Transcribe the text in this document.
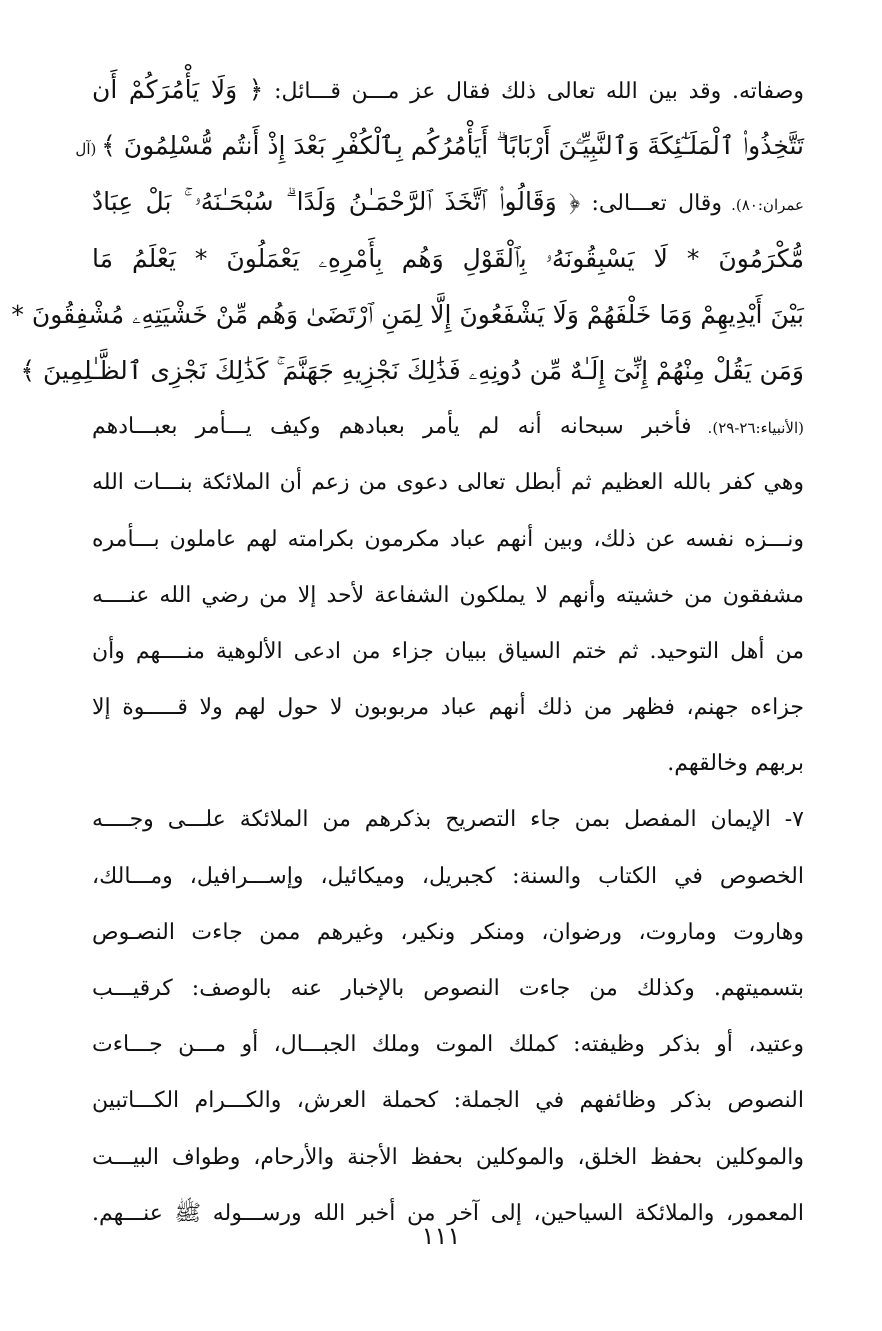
وصفاته. وقد بين الله تعالى ذلك فقال عز مـــن قـــائل: ﴿ وَلَا يَأْمُرَكُمْ أَن
تَتَّخِذُوا۟ ٱلْمَلَـٰٓئِكَةَ وَٱلنَّبِيِّـۧنَ أَرْبَابًا ۗ أَيَأْمُرُكُم بِٱلْكُفْرِ بَعْدَ إِذْ أَنتُم مُّسْلِمُونَ ﴾ (آل
عمران:٨٠). وقال تعـــالى: ﴿ وَقَالُوا۟ ٱتَّخَذَ ٱلرَّحْمَـٰنُ وَلَدًا ۗ سُبْحَـٰنَهُۥ ۚ بَلْ عِبَادٌ
مُّكْرَمُونَ * لَا يَسْبِقُونَهُۥ بِٱلْقَوْلِ وَهُم بِأَمْرِهِۦ يَعْمَلُونَ * يَعْلَمُ مَا
بَيْنَ أَيْدِيهِمْ وَمَا خَلْفَهُمْ وَلَا يَشْفَعُونَ إِلَّا لِمَنِ ٱرْتَضَىٰ وَهُم مِّنْ خَشْيَتِهِۦ مُشْفِقُونَ *
وَمَن يَقُلْ مِنْهُمْ إِنِّىٓ إِلَـٰهٌ مِّن دُونِهِۦ فَذَٰلِكَ نَجْزِيهِ جَهَنَّمَ ۚ كَذَٰلِكَ نَجْزِى ٱلظَّـٰلِمِينَ ﴾
(الأنبياء:٢٦-٢٩). فأخبر سبحانه أنه لم يأمر بعبادهم وكيف يـــأمر بعبـــادهم
وهي كفر بالله العظيم ثم أبطل تعالى دعوى من زعم أن الملائكة بنـــات الله
ونـــزه نفسه عن ذلك، وبين أنهم عباد مكرمون بكرامته لهم عاملون بـــأمره
مشفقون من خشيته وأنهم لا يملكون الشفاعة لأحد إلا من رضي الله عنــــه
من أهل التوحيد. ثم ختم السياق ببيان جزاء من ادعى الألوهية منــــهم وأن
جزاءه جهنم، فظهر من ذلك أنهم عباد مربوبون لا حول لهم ولا قـــــوة إلا
بربهم وخالقهم.
٧- الإيمان المفصل بمن جاء التصريح بذكرهم من الملائكة علـــى وجــــه
الخصوص في الكتاب والسنة: كجبريل، وميكائيل، وإســـرافيل، ومـــالك،
وهاروت وماروت، ورضوان، ومنكر ونكير، وغيرهم ممن جاءت النصـوص
بتسميتهم. وكذلك من جاءت النصوص بالإخبار عنه بالوصف: كرقيـــب
وعتيد، أو بذكر وظيفته: كملك الموت وملك الجبـــال، أو مـــن جـــاءت
النصوص بذكر وظائفهم في الجملة: كحملة العرش، والكـــرام الكـــاتبين
والموكلين بحفظ الخلق، والموكلين بحفظ الأجنة والأرحام، وطواف البيـــت
المعمور، والملائكة السياحين، إلى آخر من أخبر الله ورســـوله ﷺ عنـــهم.
١١١
